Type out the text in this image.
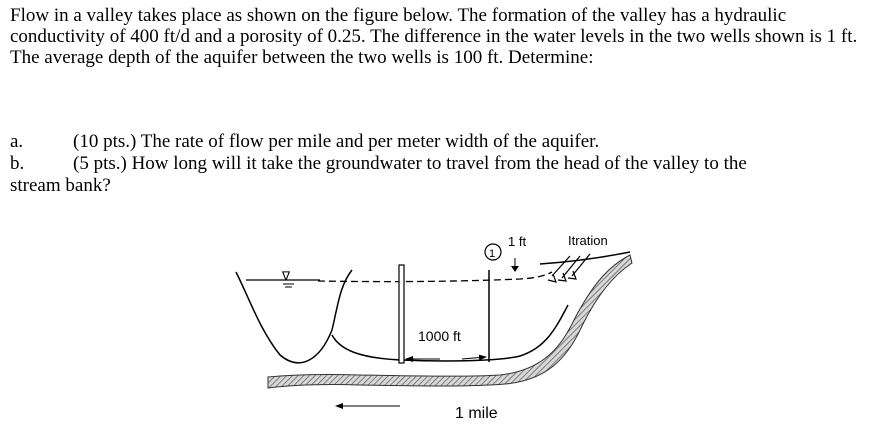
Flow in a valley takes place as shown on the figure below. The formation of the valley has a hydraulic conductivity of 400 ft/d and a porosity of 0.25. The difference in the water levels in the two wells shown is 1 ft. The average depth of the aquifer between the two wells is 100 ft. Determine:
a.	(10 pts.) The rate of flow per mile and per meter width of the aquifer.
b.	(5 pts.) How long will it take the groundwater to travel from the head of the valley to the
stream bank?
∇
1
1 ft	Itration
1000 ft
1 mile
